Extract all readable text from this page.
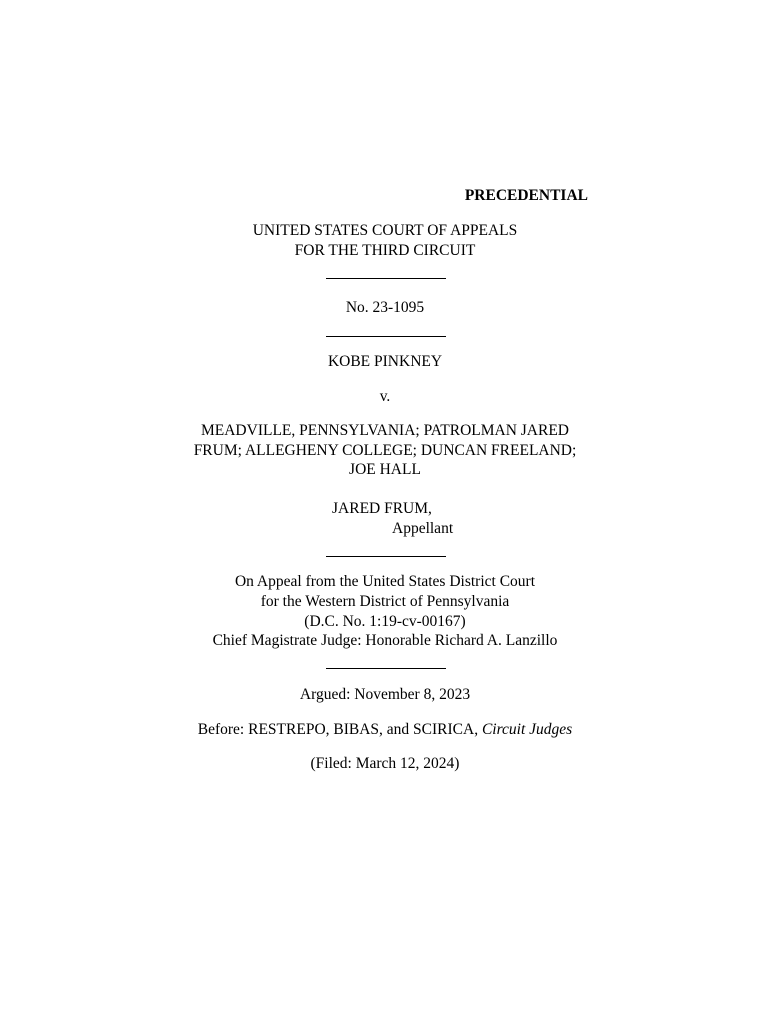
PRECEDENTIAL
UNITED STATES COURT OF APPEALS
FOR THE THIRD CIRCUIT
No. 23-1095
KOBE PINKNEY
v.
MEADVILLE, PENNSYLVANIA; PATROLMAN JARED
FRUM; ALLEGHENY COLLEGE; DUNCAN FREELAND;
JOE HALL
JARED FRUM,
Appellant
On Appeal from the United States District Court
for the Western District of Pennsylvania
(D.C. No. 1:19-cv-00167)
Chief Magistrate Judge: Honorable Richard A. Lanzillo
Argued: November 8, 2023
Before: RESTREPO, BIBAS, and SCIRICA, Circuit Judges
(Filed: March 12, 2024)
